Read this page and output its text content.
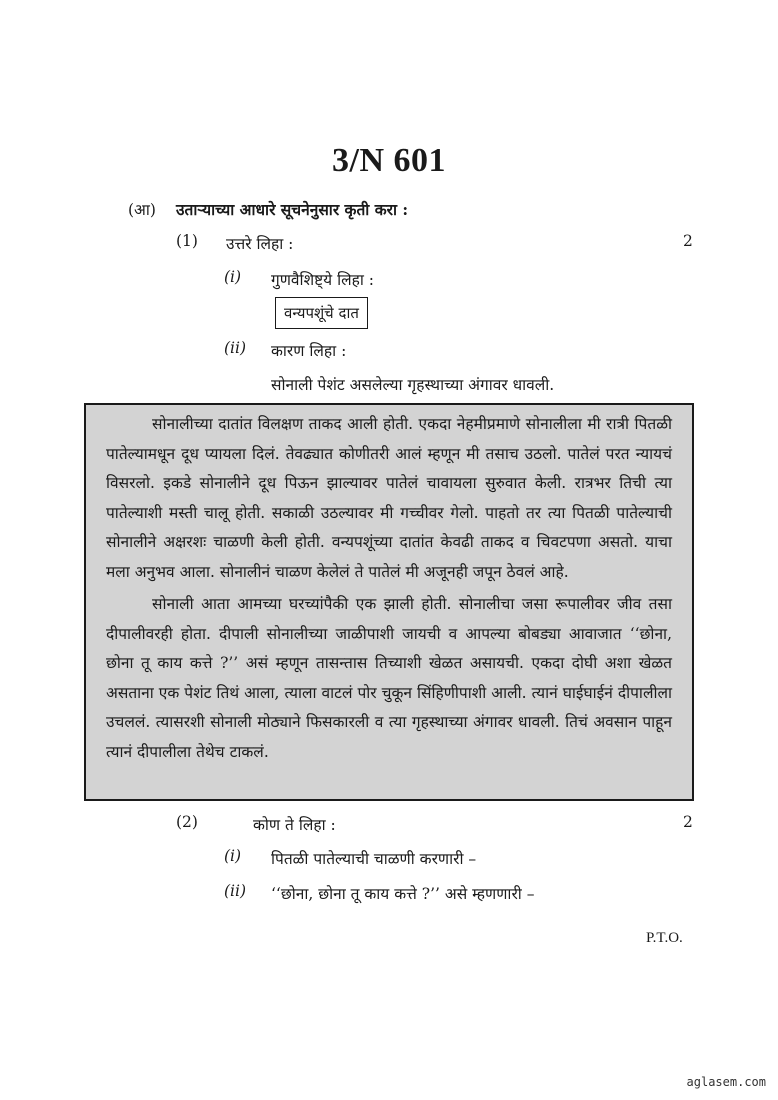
3/N 601
(आ) उताऱ्याच्या आधारे सूचनेनुसार कृती करा :
(1) उत्तरे लिहा :	2
(i) गुणवैशिष्ट्ये लिहा :
वन्यपशूंचे दात
(ii) कारण लिहा :
सोनाली पेशंट असलेल्या गृहस्थाच्या अंगावर धावली.

सोनालीच्या दातांत विलक्षण ताकद आली होती. एकदा नेहमीप्रमाणे सोनालीला मी रात्री पितळी पातेल्यामधून दूध प्यायला दिलं. तेवढ्यात कोणीतरी आलं म्हणून मी तसाच उठलो. पातेलं परत न्यायचं विसरलो. इकडे सोनालीने दूध पिऊन झाल्यावर पातेलं चावायला सुरुवात केली. रात्रभर तिची त्या पातेल्याशी मस्ती चालू होती. सकाळी उठल्यावर मी गच्चीवर गेलो. पाहतो तर त्या पितळी पातेल्याची सोनालीने अक्षरशः चाळणी केली होती. वन्यपशूंच्या दातांत केवढी ताकद व चिवटपणा असतो. याचा मला अनुभव आला. सोनालीनं चाळण केलेलं ते पातेलं मी अजूनही जपून ठेवलं आहे.

सोनाली आता आमच्या घरच्यांपैकी एक झाली होती. सोनालीचा जसा रूपालीवर जीव तसा दीपालीवरही होता. दीपाली सोनालीच्या जाळीपाशी जायची व आपल्या बोबड्या आवाजात ‘‘छोना, छोना तू काय कत्ते ?’’ असं म्हणून तासन्तास तिच्याशी खेळत असायची. एकदा दोघी अशा खेळत असताना एक पेशंट तिथं आला, त्याला वाटलं पोर चुकून सिंहिणीपाशी आली. त्यानं घाईघाईनं दीपालीला उचललं. त्यासरशी सोनाली मोठ्याने फिसकारली व त्या गृहस्थाच्या अंगावर धावली. तिचं अवसान पाहून त्यानं दीपालीला तेथेच टाकलं.

(2)	कोण ते लिहा :	2
(i) पितळी पातेल्याची चाळणी करणारी –
(ii) ‘‘छोना, छोना तू काय कत्ते ?’’ असे म्हणणारी –
P.T.O.
aglasem.com
